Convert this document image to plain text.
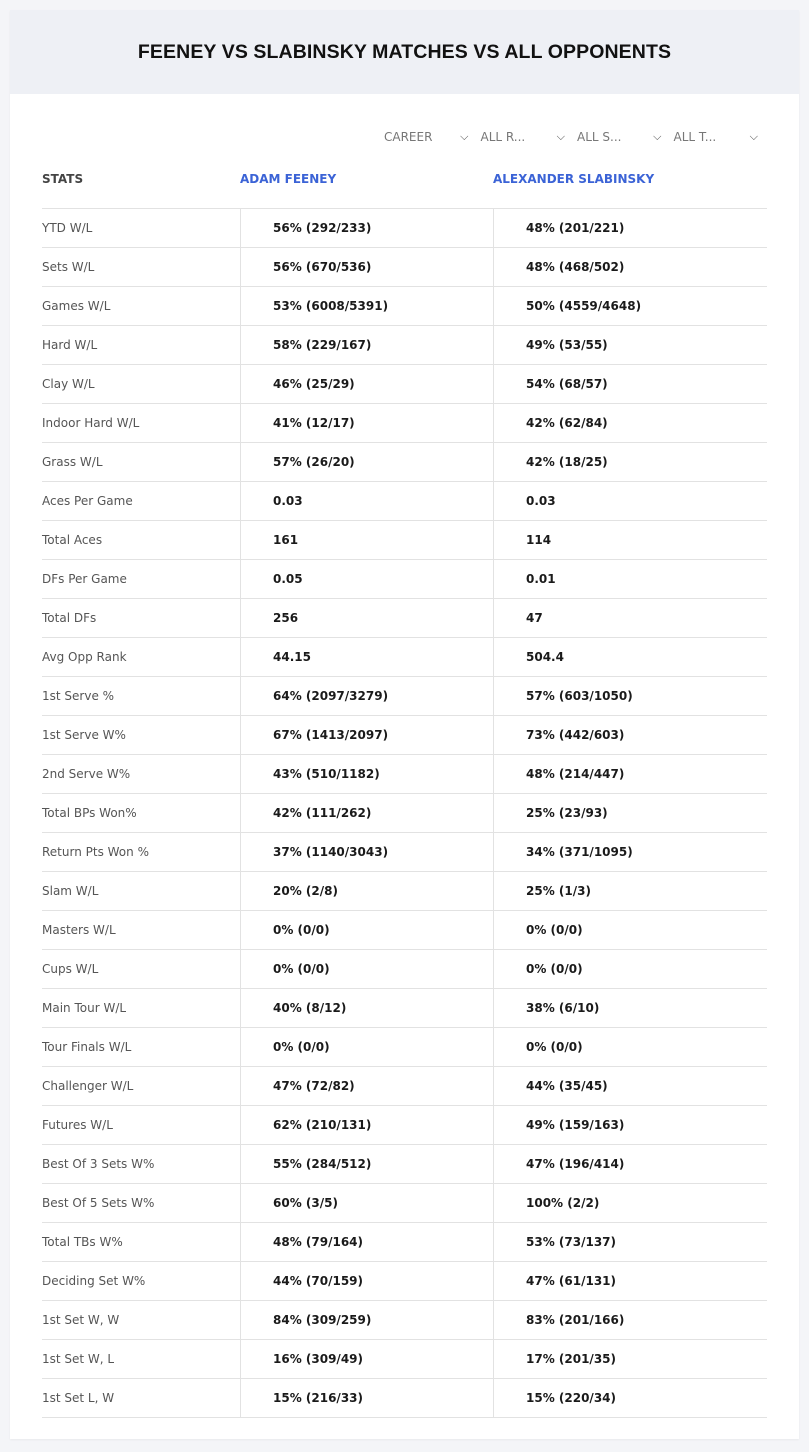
FEENEY VS SLABINSKY MATCHES VS ALL OPPONENTS
CAREER	⌵ ALL R...	⌵ ALL S...	⌵ ALL T...	⌵
STATS	ADAM FEENEY	ALEXANDER SLABINSKY
YTD W/L	56% (292/233)	48% (201/221)
Sets W/L	56% (670/536)	48% (468/502)
Games W/L	53% (6008/5391)	50% (4559/4648)
Hard W/L	58% (229/167)	49% (53/55)
Clay W/L	46% (25/29)	54% (68/57)
Indoor Hard W/L	41% (12/17)	42% (62/84)
Grass W/L	57% (26/20)	42% (18/25)
Aces Per Game	0.03	0.03
Total Aces	161	114
DFs Per Game	0.05	0.01
Total DFs	256	47
Avg Opp Rank	44.15	504.4
1st Serve %	64% (2097/3279)	57% (603/1050)
1st Serve W%	67% (1413/2097)	73% (442/603)
2nd Serve W%	43% (510/1182)	48% (214/447)
Total BPs Won%	42% (111/262)	25% (23/93)
Return Pts Won %	37% (1140/3043)	34% (371/1095)
Slam W/L	20% (2/8)	25% (1/3)
Masters W/L	0% (0/0)	0% (0/0)
Cups W/L	0% (0/0)	0% (0/0)
Main Tour W/L	40% (8/12)	38% (6/10)
Tour Finals W/L	0% (0/0)	0% (0/0)
Challenger W/L	47% (72/82)	44% (35/45)
Futures W/L	62% (210/131)	49% (159/163)
Best Of 3 Sets W%	55% (284/512)	47% (196/414)
Best Of 5 Sets W%	60% (3/5)	100% (2/2)
Total TBs W%	48% (79/164)	53% (73/137)
Deciding Set W%	44% (70/159)	47% (61/131)
1st Set W, W	84% (309/259)	83% (201/166)
1st Set W, L	16% (309/49)	17% (201/35)
1st Set L, W	15% (216/33)	15% (220/34)
